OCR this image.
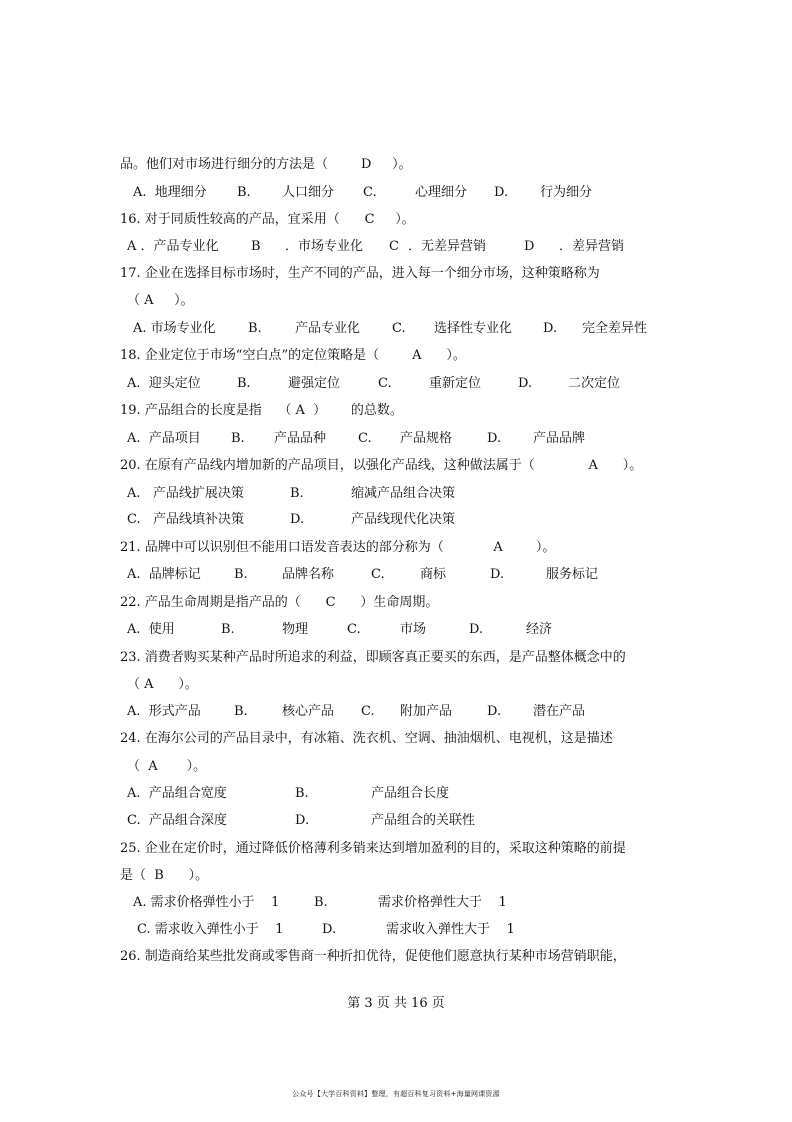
品。他们对市场进行细分的方法是（        D     ）。
A.  地理细分 B. 人口细分 C.	心理细分 D. 行为细分
16. 对于同质性较高的产品，宜采用（      C     ）。
A ．产品专业化 B ．市场专业化 C ．无差异营销	D ．差异营销
17. 企业在选择目标市场时，生产不同的产品，进入每一个细分市场，这种策略称为
（ A     ）。
A. 市场专业化 B.	产品专业化 C. 选择性专业化 D. 完全差异性
18. 企业定位于市场“空白点”的定位策略是（        A      ）。
A.  迎头定位	B.	避强定位	C.	重新定位	D.	二次定位
19. 产品组合的长度是指    （ A  ）      的总数。
A.  产品项目 B. 产品品种 C. 产品规格	D. 产品品牌
20. 在原有产品线内增加新的产品项目，以强化产品线，这种做法属于（             A      ）。
A.   产品线扩展决策	B.	缩减产品组合决策
C.   产品线填补决策	D.	产品线现代化决策
21. 品牌中可以识别但不能用口语发音表达的部分称为（            A        ）。
A.  品牌标记	B.	品牌名称	C.	商标	D.	服务标记
22. 产品生命周期是指产品的（      C      ）生命周期。
A.  使用	B.	物理	C.	市场	D.	经济
23. 消费者购买某种产品时所追求的利益，即顾客真正要买的东西，是产品整体概念中的
（ A      ）。
A.  形式产品	B.	核心产品 C. 附加产品	D. 潜在产品
24. 在海尔公司的产品目录中，有冰箱、洗衣机、空调、抽油烟机、电视机，这是描述
（  A       ）。
A.  产品组合宽度	B.	产品组合长度
C.  产品组合深度	D.	产品组合的关联性
25. 企业在定价时，通过降低价格薄利多销来达到增加盈利的目的，采取这种策略的前提
是（  B      ）。
A. 需求价格弹性小于    1	B.	需求价格弹性大于    1
C. 需求收入弹性小于    1	D.	需求收入弹性大于    1
26. 制造商给某些批发商或零售商一种折扣优待，促使他们愿意执行某种市场营销职能，
第 3 页 共 16 页
公众号【大学百科资料】整理，有超百科复习资料+海量网课资源
